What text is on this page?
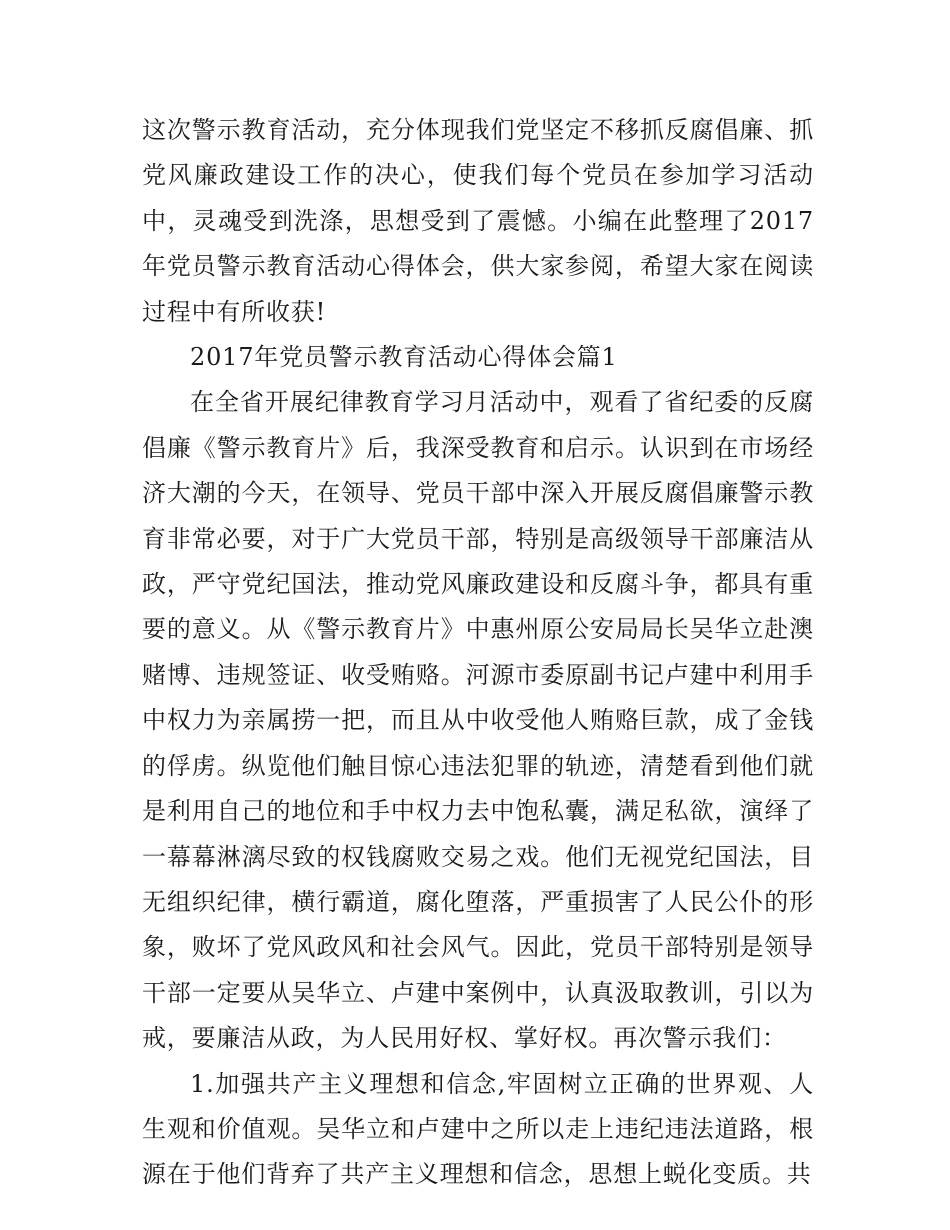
这次警示教育活动，充分体现我们党坚定不移抓反腐倡廉、抓党风廉政建设工作的决心，使我们每个党员在参加学习活动中，灵魂受到洗涤，思想受到了震憾。小编在此整理了2017年党员警示教育活动心得体会，供大家参阅，希望大家在阅读过程中有所收获!

2017年党员警示教育活动心得体会篇1

在全省开展纪律教育学习月活动中，观看了省纪委的反腐倡廉《警示教育片》后，我深受教育和启示。认识到在市场经济大潮的今天，在领导、党员干部中深入开展反腐倡廉警示教育非常必要，对于广大党员干部，特别是高级领导干部廉洁从政，严守党纪国法，推动党风廉政建设和反腐斗争，都具有重要的意义。从《警示教育片》中惠州原公安局局长吴华立赴澳赌博、违规签证、收受贿赂。河源市委原副书记卢建中利用手中权力为亲属捞一把，而且从中收受他人贿赂巨款，成了金钱的俘虏。纵览他们触目惊心违法犯罪的轨迹，清楚看到他们就是利用自己的地位和手中权力去中饱私囊，满足私欲，演绎了一幕幕淋漓尽致的权钱腐败交易之戏。他们无视党纪国法，目无组织纪律，横行霸道，腐化堕落，严重损害了人民公仆的形象，败坏了党风政风和社会风气。因此，党员干部特别是领导干部一定要从吴华立、卢建中案例中，认真汲取教训，引以为戒，要廉洁从政，为人民用好权、掌好权。再次警示我们：

1.加强共产主义理想和信念,牢固树立正确的世界观、人生观和价值观。吴华立和卢建中之所以走上违纪违法道路，根源在于他们背弃了共产主义理想和信念，思想上蜕化变质。共
